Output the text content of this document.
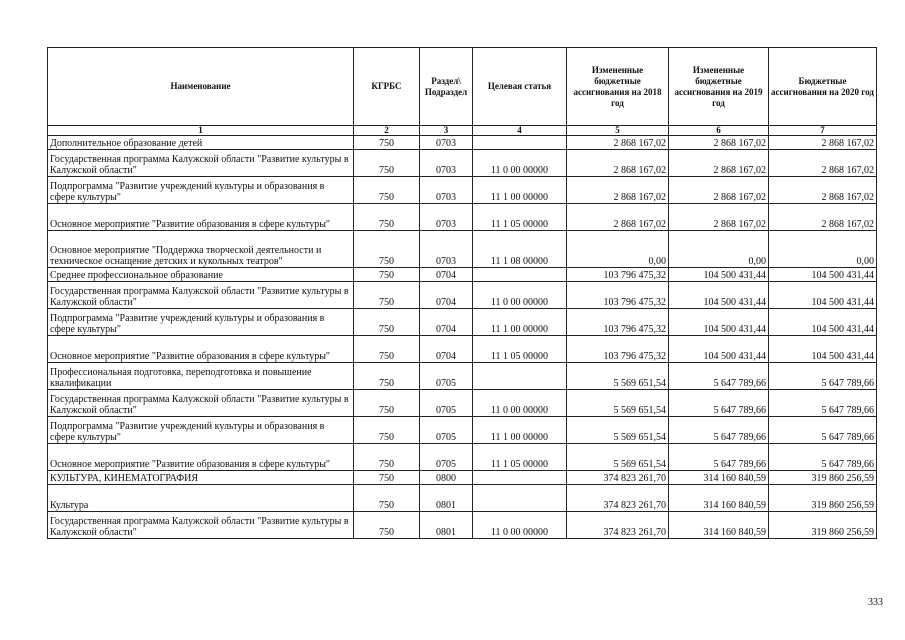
Наименование	КГРБС	Раздел\ Подраздел	Целевая статья	Измененные бюджетные ассигнования на 2018 год	Измененные бюджетные ассигнования на 2019 год	Бюджетные ассигнования на 2020 год
1	2	3	4	5	6	7
Дополнительное образование детей	750	0703		2 868 167,02	2 868 167,02	2 868 167,02
Государственная программа Калужской области "Развитие культуры в Калужской области"	750	0703	11 0 00 00000	2 868 167,02	2 868 167,02	2 868 167,02
Подпрограмма "Развитие учреждений культуры и образования в сфере культуры"	750	0703	11 1 00 00000	2 868 167,02	2 868 167,02	2 868 167,02
Основное мероприятие "Развитие образования в сфере культуры"	750	0703	11 1 05 00000	2 868 167,02	2 868 167,02	2 868 167,02
Основное мероприятие "Поддержка творческой деятельности и техническое оснащение детских и кукольных театров"	750	0703	11 1 08 00000	0,00	0,00	0,00
Среднее профессиональное образование	750	0704		103 796 475,32	104 500 431,44	104 500 431,44
Государственная программа Калужской области "Развитие культуры в Калужской области"	750	0704	11 0 00 00000	103 796 475,32	104 500 431,44	104 500 431,44
Подпрограмма "Развитие учреждений культуры и образования в сфере культуры"	750	0704	11 1 00 00000	103 796 475,32	104 500 431,44	104 500 431,44
Основное мероприятие "Развитие образования в сфере культуры"	750	0704	11 1 05 00000	103 796 475,32	104 500 431,44	104 500 431,44
Профессиональная подготовка, переподготовка и повышение квалификации	750	0705		5 569 651,54	5 647 789,66	5 647 789,66
Государственная программа Калужской области "Развитие культуры в Калужской области"	750	0705	11 0 00 00000	5 569 651,54	5 647 789,66	5 647 789,66
Подпрограмма "Развитие учреждений культуры и образования в сфере культуры"	750	0705	11 1 00 00000	5 569 651,54	5 647 789,66	5 647 789,66
Основное мероприятие "Развитие образования в сфере культуры"	750	0705	11 1 05 00000	5 569 651,54	5 647 789,66	5 647 789,66
КУЛЬТУРА, КИНЕМАТОГРАФИЯ	750	0800		374 823 261,70	314 160 840,59	319 860 256,59
Культура	750	0801		374 823 261,70	314 160 840,59	319 860 256,59
Государственная программа Калужской области "Развитие культуры в Калужской области"	750	0801	11 0 00 00000	374 823 261,70	314 160 840,59	319 860 256,59
333
